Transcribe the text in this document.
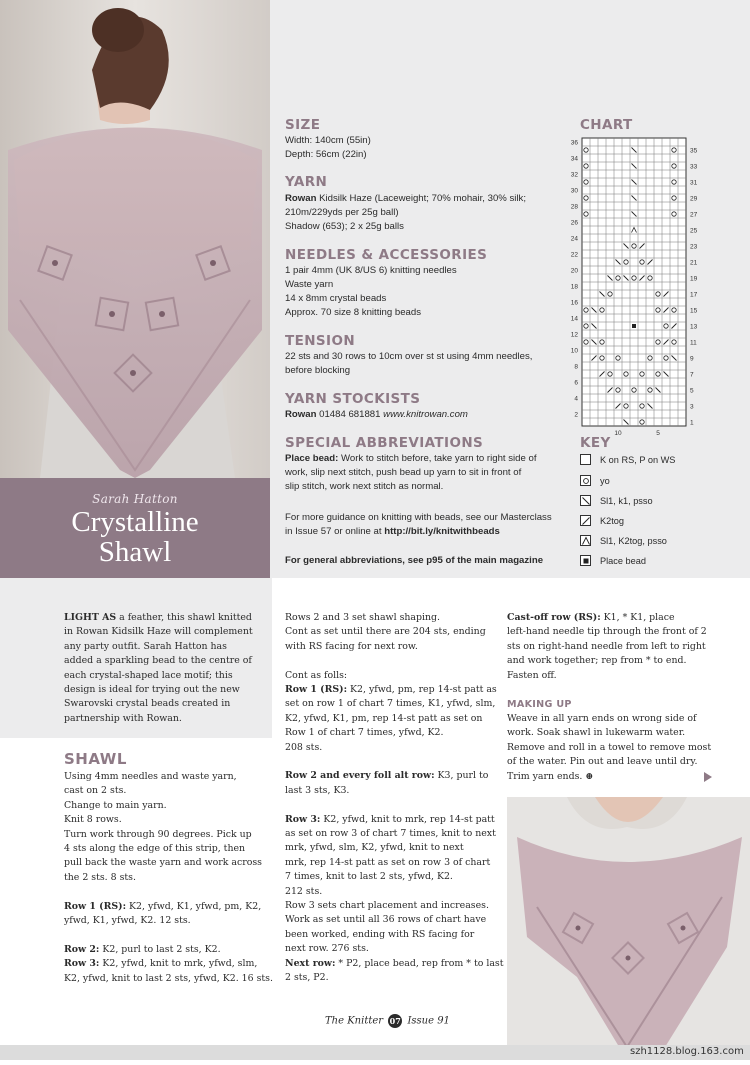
Sarah Hatton
Crystalline
Shawl
SIZE
Width: 140cm (55in)
Depth: 56cm (22in)
YARN
Rowan Kidsilk Haze (Laceweight; 70% mohair, 30% silk;
210m/229yds per 25g ball)
Shadow (653); 2 x 25g balls
NEEDLES & ACCESSORIES
1 pair 4mm (UK 8/US 6) knitting needles
Waste yarn
14 x 8mm crystal beads
Approx. 70 size 8 knitting beads
TENSION
22 sts and 30 rows to 10cm over st st using 4mm needles,
before blocking
YARN STOCKISTS
Rowan 01484 681881 www.knitrowan.com
SPECIAL ABBREVIATIONS
Place bead: Work to stitch before, take yarn to right side of
work, slip next stitch, push bead up yarn to sit in front of
slip stitch, work next stitch as normal.
For more guidance on knitting with beads, see our Masterclass
in Issue 57 or online at http://bit.ly/knitwithbeads
For general abbreviations, see p95 of the main magazine
CHART
36
34
32
30
28
26
24
22
20
18
16
14
12
10
8
6
4
2
35
33
31
29
27
25
23
21
19
17
15
13
11
9
7
5
3
1
10	5
KEY
K on RS, P on WS
yo
Sl1, k1, psso
K2tog
Sl1, K2tog, psso
Place bead
LIGHT AS a feather, this shawl knitted
in Rowan Kidsilk Haze will complement
any party outfit. Sarah Hatton has
added a sparkling bead to the centre of
each crystal-shaped lace motif; this
design is ideal for trying out the new
Swarovski crystal beads created in
partnership with Rowan.
SHAWL
Using 4mm needles and waste yarn,
cast on 2 sts.
Change to main yarn.
Knit 8 rows.
Turn work through 90 degrees. Pick up
4 sts along the edge of this strip, then
pull back the waste yarn and work across
the 2 sts. 8 sts.
Row 1 (RS): K2, yfwd, K1, yfwd, pm, K2,
yfwd, K1, yfwd, K2. 12 sts.
Row 2: K2, purl to last 2 sts, K2.
Row 3: K2, yfwd, knit to mrk, yfwd, slm,
K2, yfwd, knit to last 2 sts, yfwd, K2. 16 sts.
Rows 2 and 3 set shawl shaping.
Cont as set until there are 204 sts, ending
with RS facing for next row.
Cont as folls:
Row 1 (RS): K2, yfwd, pm, rep 14-st patt as
set on row 1 of chart 7 times, K1, yfwd, slm,
K2, yfwd, K1, pm, rep 14-st patt as set on
Row 1 of chart 7 times, yfwd, K2.
208 sts.
Row 2 and every foll alt row: K3, purl to
last 3 sts, K3.
Row 3: K2, yfwd, knit to mrk, rep 14-st patt
as set on row 3 of chart 7 times, knit to next
mrk, yfwd, slm, K2, yfwd, knit to next
mrk, rep 14-st patt as set on row 3 of chart
7 times, knit to last 2 sts, yfwd, K2.
212 sts.
Row 3 sets chart placement and increases.
Work as set until all 36 rows of chart have
been worked, ending with RS facing for
next row. 276 sts.
Next row: * P2, place bead, rep from * to last
2 sts, P2.
Cast-off row (RS): K1, * K1, place
left-hand needle tip through the front of 2
sts on right-hand needle from left to right
and work together; rep from * to end.
Fasten off.
MAKING UP
Weave in all yarn ends on wrong side of
work. Soak shawl in lukewarm water.
Remove and roll in a towel to remove most
of the water. Pin out and leave until dry.
Trim yarn ends. ⊕
The Knitter 07 Issue 91
szh1128.blog.163.com
